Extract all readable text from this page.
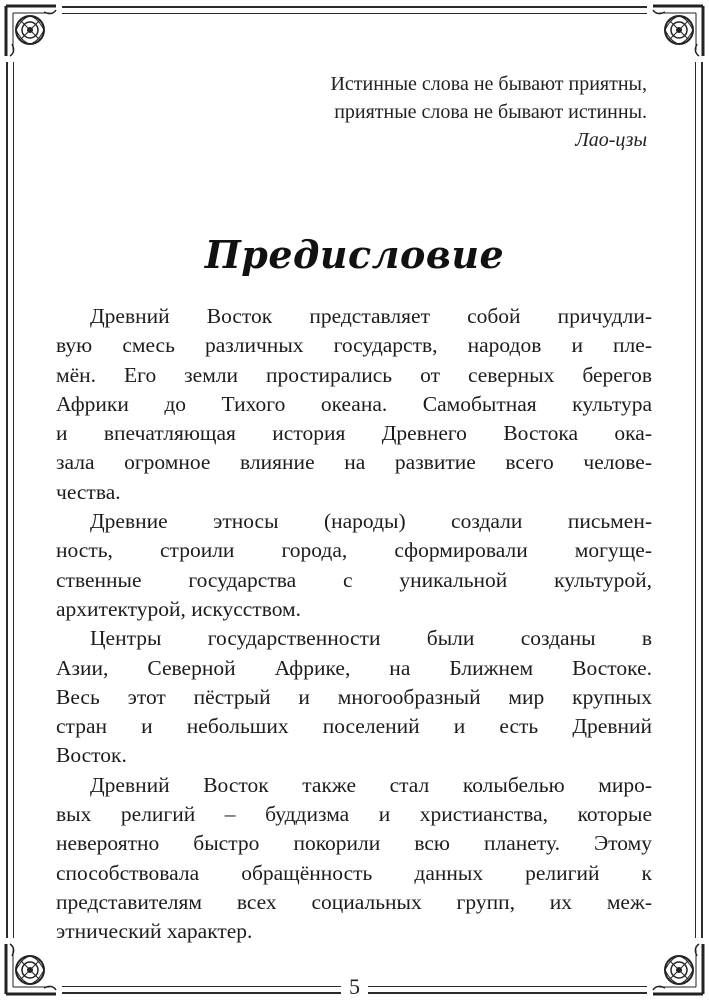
Истинные слова не бывают приятны,
приятные слова не бывают истинны.
Лао-цзы
Предисловие
Древний Восток представляет собой причудли-
вую смесь различных государств, народов и пле-
мён. Его земли простирались от северных берегов
Африки до Тихого океана. Самобытная культура
и впечатляющая история Древнего Востока ока-
зала огромное влияние на развитие всего челове-
чества.
Древние этносы (народы) создали письмен-
ность, строили города, сформировали могуще-
ственные государства с уникальной культурой,
архитектурой, искусством.
Центры государственности были созданы в
Азии, Северной Африке, на Ближнем Востоке.
Весь этот пёстрый и многообразный мир крупных
стран и небольших поселений и есть Древний
Восток.
Древний Восток также стал колыбелью миро-
вых религий – буддизма и христианства, которые
невероятно быстро покорили всю планету. Этому
способствовала обращённость данных религий к
представителям всех социальных групп, их меж-
этнический характер.
5
